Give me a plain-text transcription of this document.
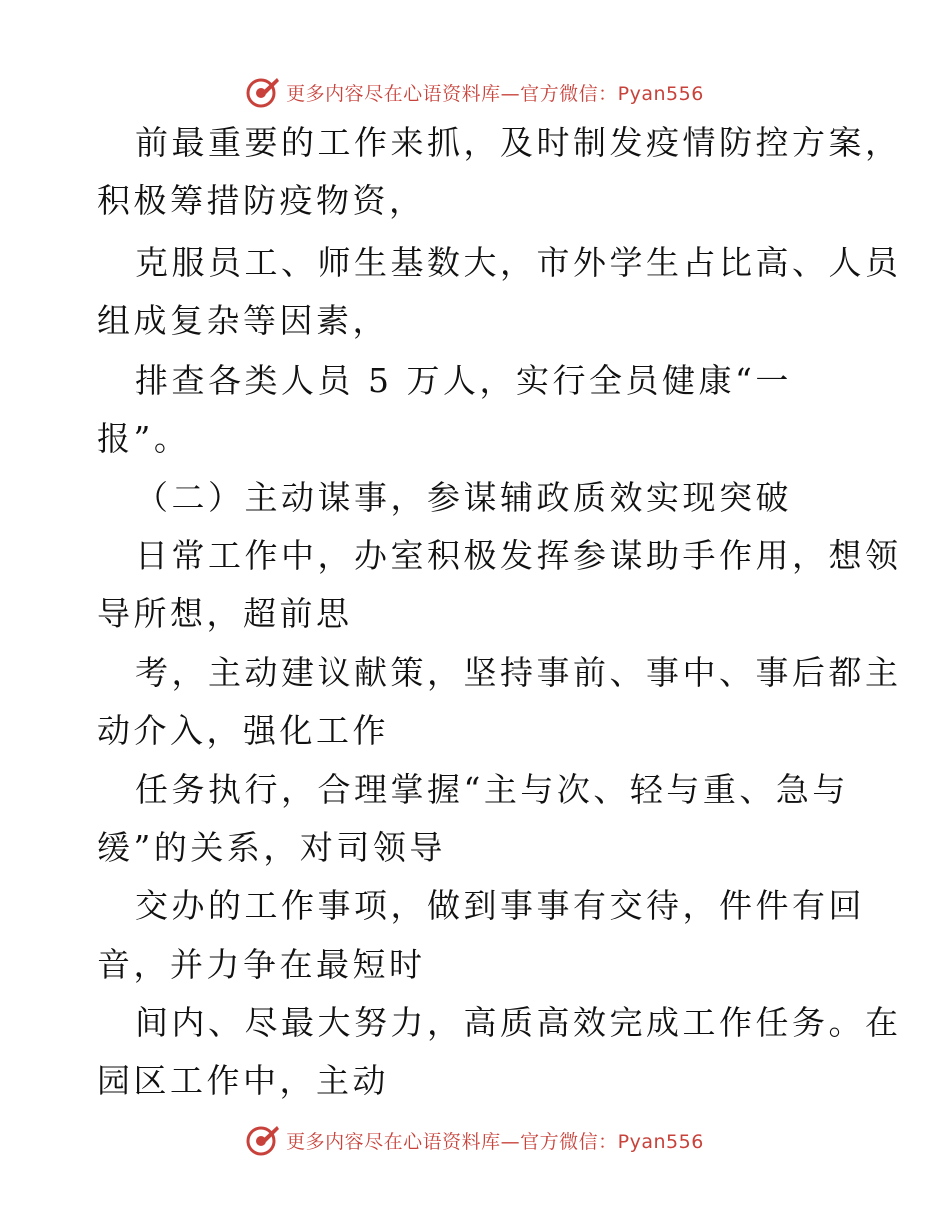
更多内容尽在心语资料库—官方微信：Pyan556
前最重要的工作来抓，及时制发疫情防控方案，
积极筹措防疫物资，
克服员工、师生基数大，市外学生占比高、人员
组成复杂等因素，
排查各类人员 5 万人，实行全员健康“一
报”。
（二）主动谋事，参谋辅政质效实现突破
日常工作中，办室积极发挥参谋助手作用，想领
导所想，超前思
考，主动建议献策，坚持事前、事中、事后都主
动介入，强化工作
任务执行，合理掌握“主与次、轻与重、急与
缓”的关系，对司领导
交办的工作事项，做到事事有交待，件件有回
音，并力争在最短时
间内、尽最大努力，高质高效完成工作任务。在
园区工作中，主动
更多内容尽在心语资料库—官方微信：Pyan556
